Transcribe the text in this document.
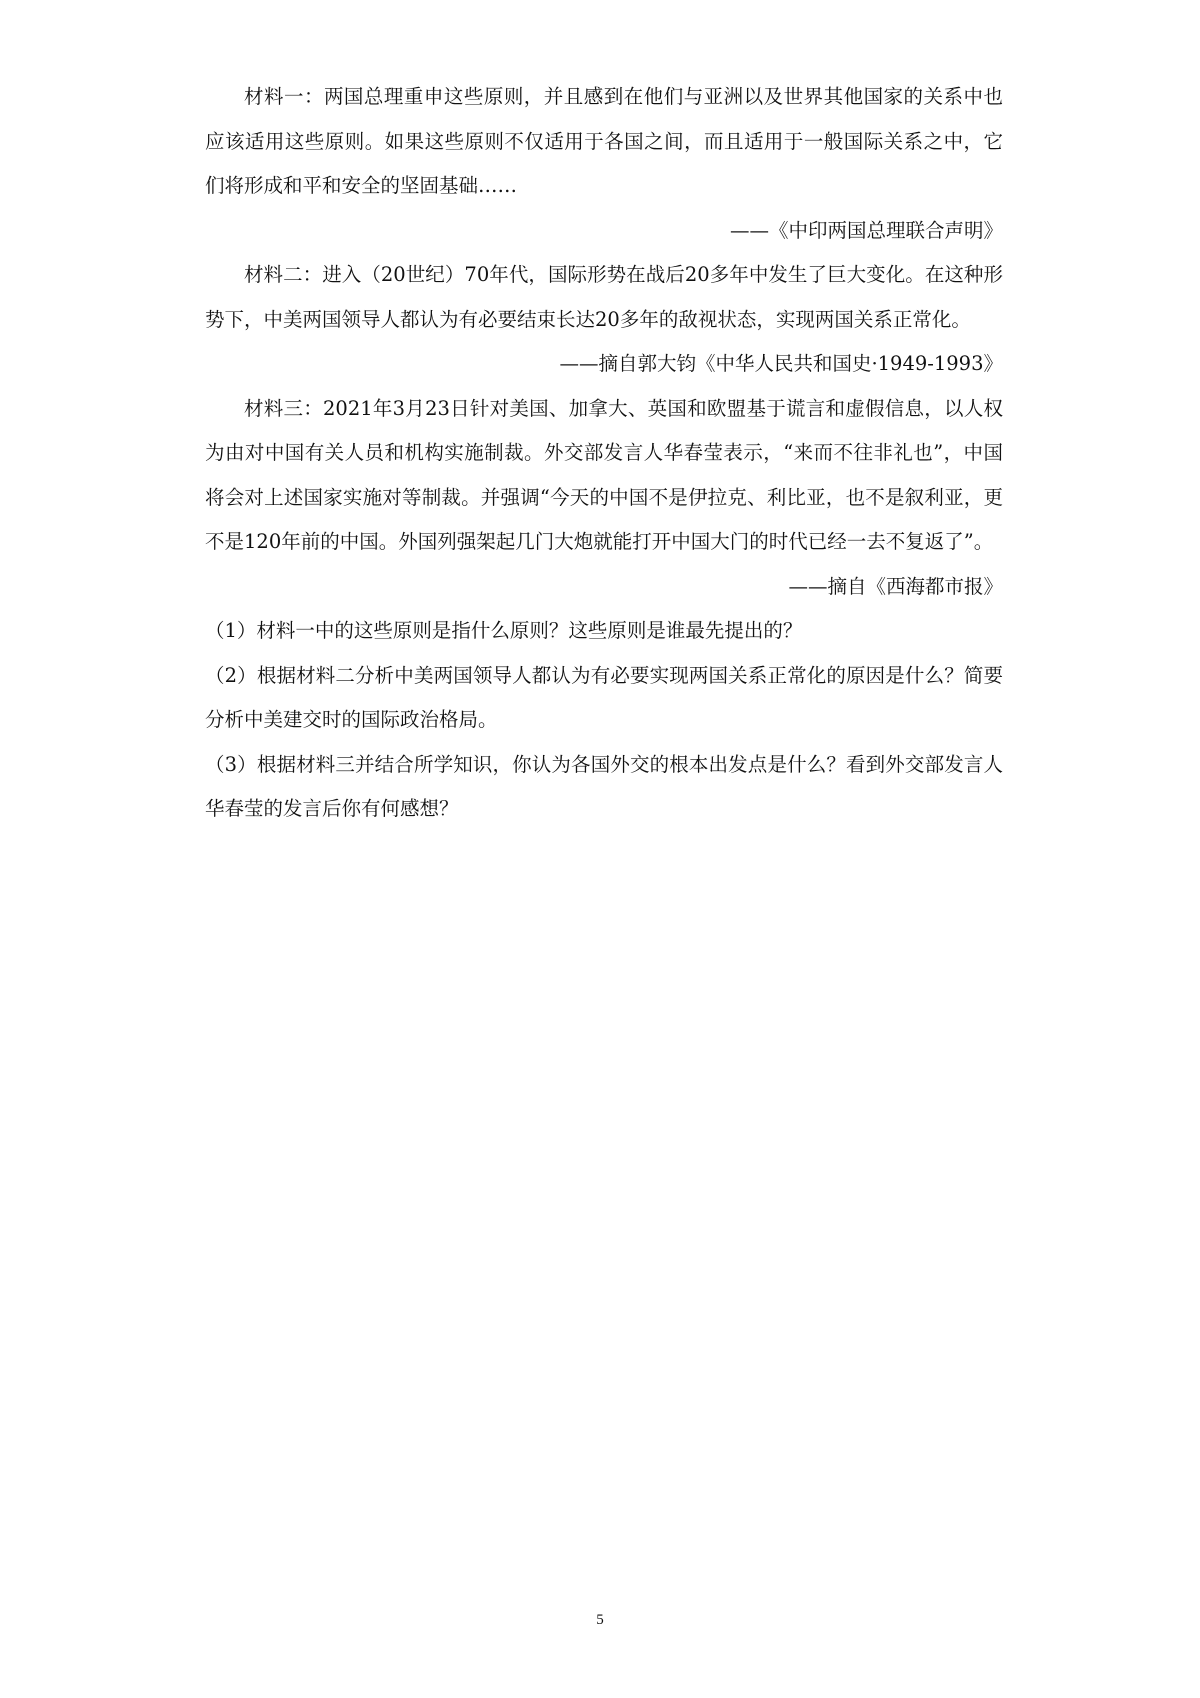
材料一：两国总理重申这些原则，并且感到在他们与亚洲以及世界其他国家的关系中也应该适用这些原则。如果这些原则不仅适用于各国之间，而且适用于一般国际关系之中，它们将形成和平和安全的坚固基础……

——《中印两国总理联合声明》

材料二：进入（20世纪）70年代，国际形势在战后20多年中发生了巨大变化。在这种形势下，中美两国领导人都认为有必要结束长达20多年的敌视状态，实现两国关系正常化。

——摘自郭大钧《中华人民共和国史·1949-1993》

材料三：2021年3月23日针对美国、加拿大、英国和欧盟基于谎言和虚假信息，以人权为由对中国有关人员和机构实施制裁。外交部发言人华春莹表示，“来而不往非礼也”，中国将会对上述国家实施对等制裁。并强调“今天的中国不是伊拉克、利比亚，也不是叙利亚，更不是120年前的中国。外国列强架起几门大炮就能打开中国大门的时代已经一去不复返了”。

——摘自《西海都市报》

（1）材料一中的这些原则是指什么原则？这些原则是谁最先提出的？

（2）根据材料二分析中美两国领导人都认为有必要实现两国关系正常化的原因是什么？简要分析中美建交时的国际政治格局。

（3）根据材料三并结合所学知识，你认为各国外交的根本出发点是什么？看到外交部发言人华春莹的发言后你有何感想？

5
